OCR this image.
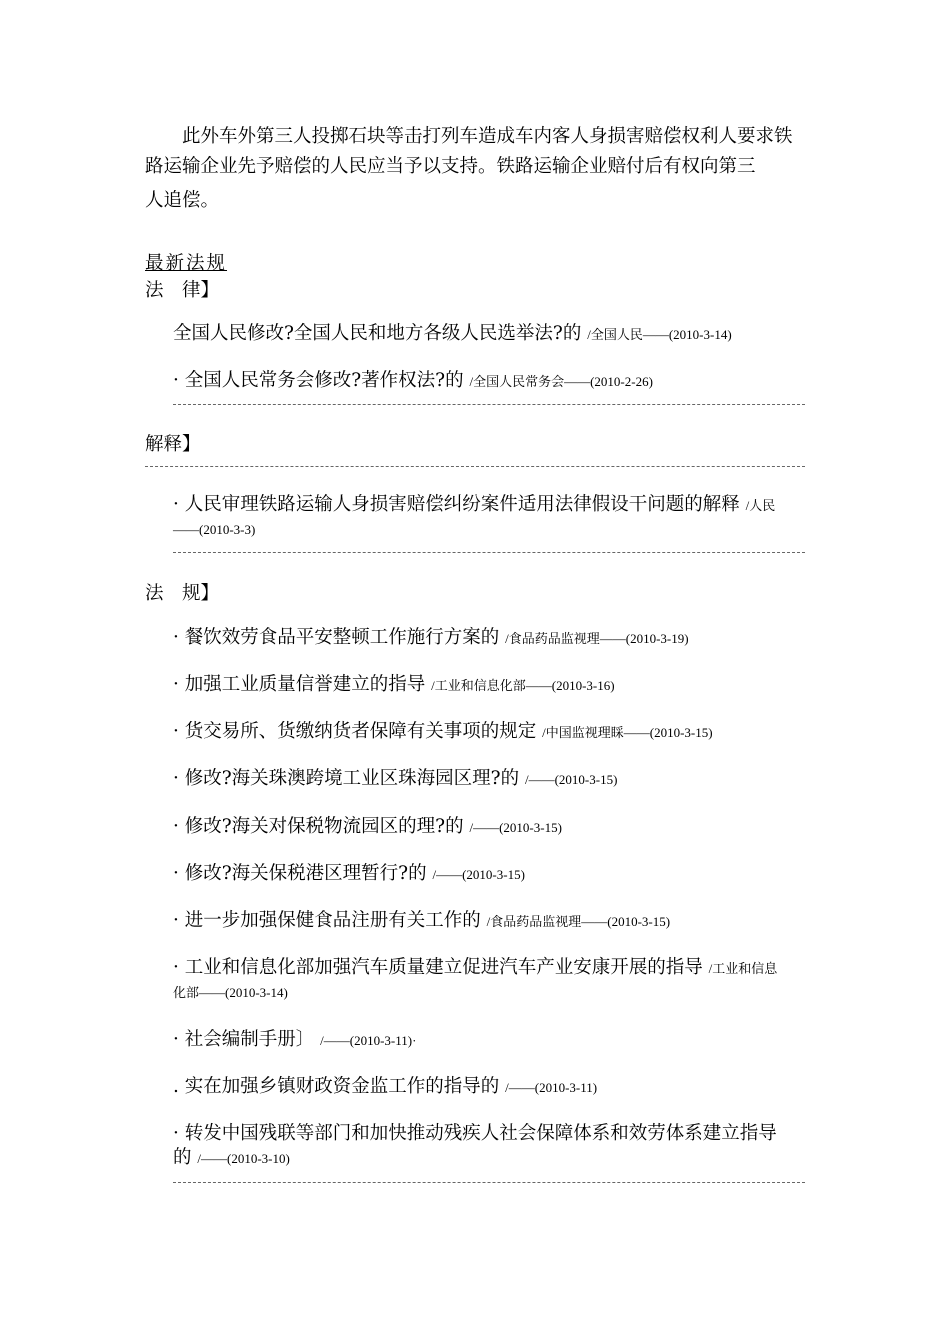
此外车外第三人投掷石块等击打列车造成车内客人身损害赔偿权利人要求铁路运输企业先予赔偿的人民应当予以支持。铁路运输企业赔付后有权向第三
人追偿。
最新法规
法　律】
全国人民修改?全国人民和地方各级人民选举法?的 /全国人民——(2010-3-14)
· 全国人民常务会修改?著作权法?的 /全国人民常务会——(2010-2-26)
解释】
· 人民审理铁路运输人身损害赔偿纠纷案件适用法律假设干问题的解释 /人民
——(2010-3-3)
法　规】
· 餐饮效劳食品平安整顿工作施行方案的 /食品药品监视理——(2010-3-19)
· 加强工业质量信誉建立的指导 /工业和信息化部——(2010-3-16)
· 货交易所、货缴纳货者保障有关事项的规定 /中国监视理睬——(2010-3-15)
· 修改?海关珠澳跨境工业区珠海园区理?的 /——(2010-3-15)
· 修改?海关对保税物流园区的理?的 /——(2010-3-15)
· 修改?海关保税港区理暂行?的 /——(2010-3-15)
· 进一步加强保健食品注册有关工作的 /食品药品监视理——(2010-3-15)
· 工业和信息化部加强汽车质量建立促进汽车产业安康开展的指导 /工业和信息
化部——(2010-3-14)
· 社会编制手册〕 /——(2010-3-11)·
. 实在加强乡镇财政资金监工作的指导的 /——(2010-3-11)
· 转发中国残联等部门和加快推动残疾人社会保障体系和效劳体系建立指导
的 /——(2010-3-10)
